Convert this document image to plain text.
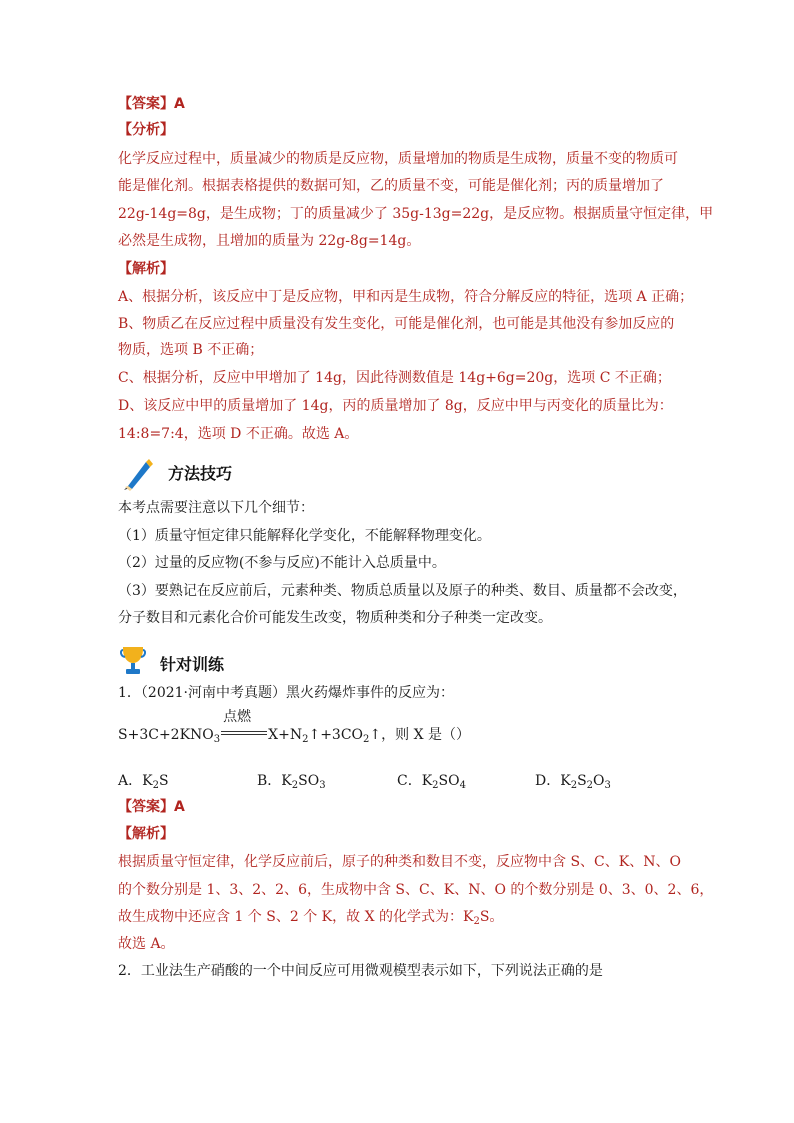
【答案】A
【分析】
化学反应过程中，质量减少的物质是反应物，质量增加的物质是生成物，质量不变的物质可
能是催化剂。根据表格提供的数据可知，乙的质量不变，可能是催化剂；丙的质量增加了
22g-14g=8g，是生成物；丁的质量减少了 35g-13g=22g，是反应物。根据质量守恒定律，甲
必然是生成物，且增加的质量为 22g-8g=14g。
【解析】
A、根据分析，该反应中丁是反应物，甲和丙是生成物，符合分解反应的特征，选项 A 正确；
B、物质乙在反应过程中质量没有发生变化，可能是催化剂，也可能是其他没有参加反应的
物质，选项 B 不正确；
C、根据分析，反应中甲增加了 14g，因此待测数值是 14g+6g=20g，选项 C 不正确；
D、该反应中甲的质量增加了 14g，丙的质量增加了 8g，反应中甲与丙变化的质量比为：
14:8=7:4，选项 D 不正确。故选 A。
方法技巧
本考点需要注意以下几个细节：
（1）质量守恒定律只能解释化学变化，不能解释物理变化。
（2）过量的反应物(不参与反应)不能计入总质量中。
（3）要熟记在反应前后，元素种类、物质总质量以及原子的种类、数目、质量都不会改变，
分子数目和元素化合价可能发生改变，物质种类和分子种类一定改变。
针对训练
1．（2021·河南中考真题）黑火药爆炸事件的反应为：
$S+3C+2KNO_3$
点燃
$X+N_2↑+3CO_2↑$，则 X 是（）
A．$K_2S$	B．$K_2SO_3$	C．$K_2SO_4$	D．$K_2S_2O_3$
【答案】A
【解析】
根据质量守恒定律，化学反应前后，原子的种类和数目不变，反应物中含 S、C、K、N、O
的个数分别是 1、3、2、2、6，生成物中含 S、C、K、N、O 的个数分别是 0、3、0、2、6，
故生成物中还应含 1 个 S、2 个 K，故 X 的化学式为：$K_2S$。
故选 A。
2．工业法生产硝酸的一个中间反应可用微观模型表示如下，下列说法正确的是
